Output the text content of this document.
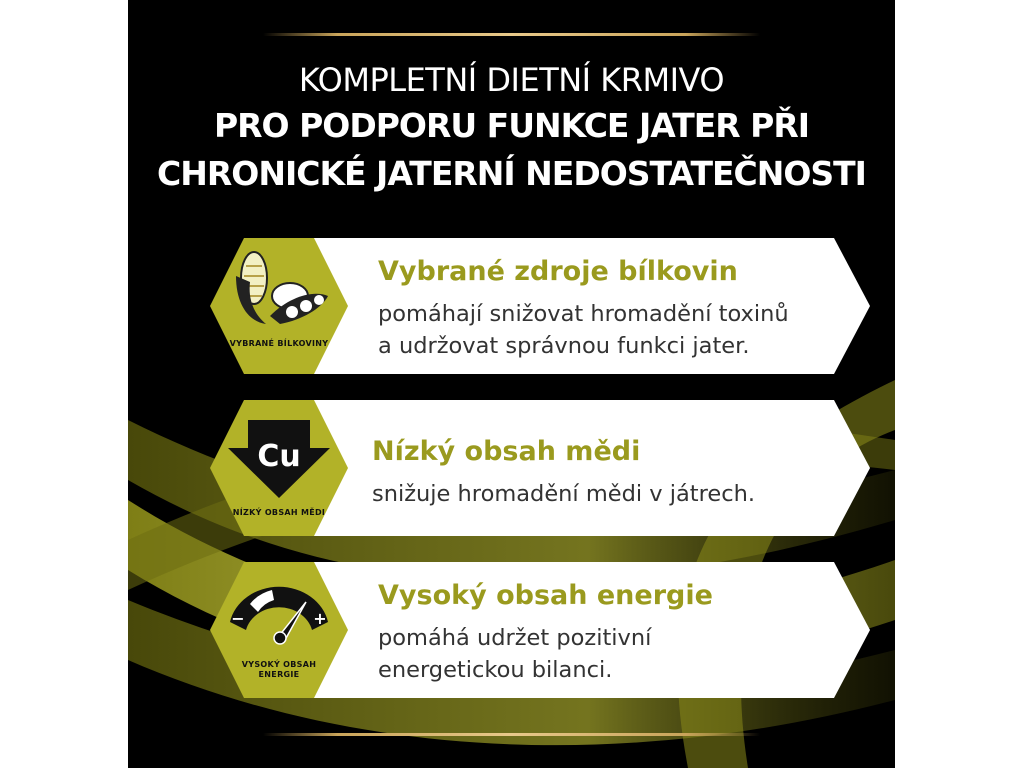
KOMPLETNÍ DIETNÍ KRMIVO
PRO PODPORU FUNKCE JATER PŘI
CHRONICKÉ JATERNÍ NEDOSTATEČNOSTI
VYBRANÉ BÍLKOVINY
Vybrané zdroje bílkovin
pomáhají snižovat hromadění toxinů
a udržovat správnou funkci jater.
Cu
NÍZKÝ OBSAH MĚDI
Nízký obsah mědi
snižuje hromadění mědi v játrech.
−	+
VYSOKÝ OBSAH
ENERGIE
Vysoký obsah energie
pomáhá udržet pozitivní
energetickou bilanci.
